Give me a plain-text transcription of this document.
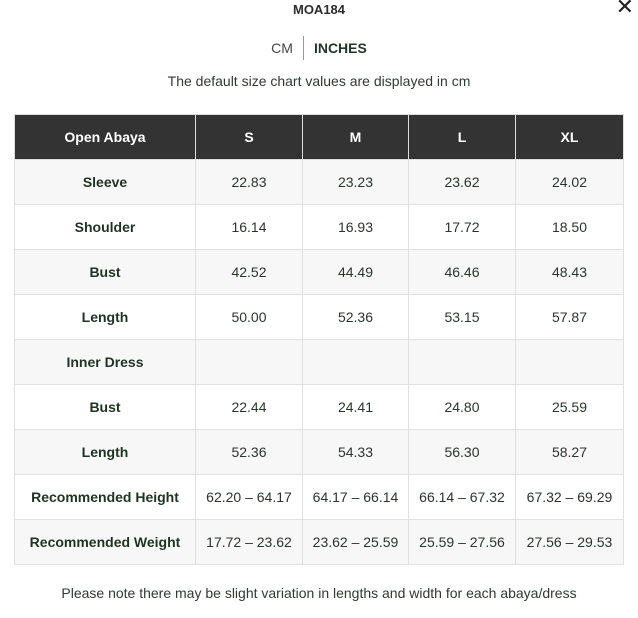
MOA184	✕
CM	INCHES
The default size chart values are displayed in cm
Open Abaya	S	M	L	XL
Sleeve	22.83	23.23	23.62	24.02
Shoulder	16.14	16.93	17.72	18.50
Bust	42.52	44.49	46.46	48.43
Length	50.00	52.36	53.15	57.87
Inner Dress				
Bust	22.44	24.41	24.80	25.59
Length	52.36	54.33	56.30	58.27
Recommended Height	62.20 – 64.17	64.17 – 66.14	66.14 – 67.32	67.32 – 69.29
Recommended Weight	17.72 – 23.62	23.62 – 25.59	25.59 – 27.56	27.56 – 29.53
Please note there may be slight variation in lengths and width for each abaya/dress
